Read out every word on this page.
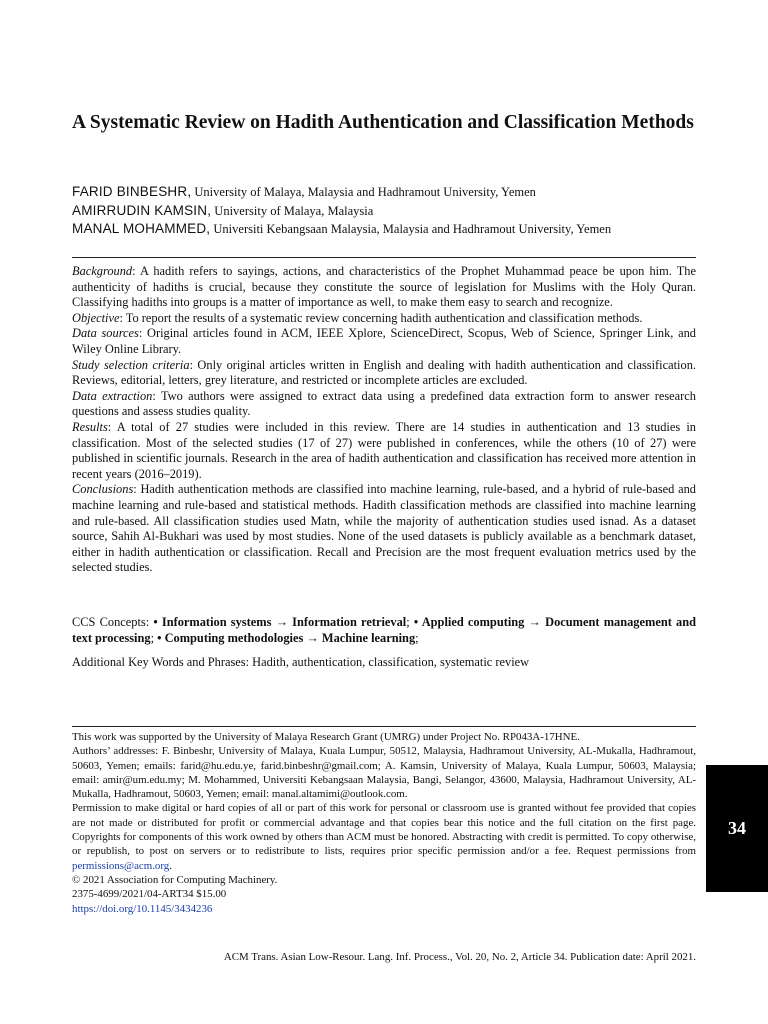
A Systematic Review on Hadith Authentication and Classification Methods
FARID BINBESHR, University of Malaya, Malaysia and Hadhramout University, Yemen
AMIRRUDIN KAMSIN, University of Malaya, Malaysia
MANAL MOHAMMED, Universiti Kebangsaan Malaysia, Malaysia and Hadhramout University, Yemen

Background: A hadith refers to sayings, actions, and characteristics of the Prophet Muhammad peace be upon him. The authenticity of hadiths is crucial, because they constitute the source of legislation for Muslims with the Holy Quran. Classifying hadiths into groups is a matter of importance as well, to make them easy to search and recognize.

Objective: To report the results of a systematic review concerning hadith authentication and classification methods.

Data sources: Original articles found in ACM, IEEE Xplore, ScienceDirect, Scopus, Web of Science, Springer Link, and Wiley Online Library.

Study selection criteria: Only original articles written in English and dealing with hadith authentication and classification. Reviews, editorial, letters, grey literature, and restricted or incomplete articles are excluded.

Data extraction: Two authors were assigned to extract data using a predefined data extraction form to answer research questions and assess studies quality.

Results: A total of 27 studies were included in this review. There are 14 studies in authentication and 13 studies in classification. Most of the selected studies (17 of 27) were published in conferences, while the others (10 of 27) were published in scientific journals. Research in the area of hadith authentication and classification has received more attention in recent years (2016–2019).

Conclusions: Hadith authentication methods are classified into machine learning, rule-based, and a hybrid of rule-based and machine learning and rule-based and statistical methods. Hadith classification methods are classified into machine learning and rule-based. All classification studies used Matn, while the majority of authentication studies used isnad. As a dataset source, Sahih Al-Bukhari was used by most studies. None of the used datasets is publicly available as a benchmark dataset, either in hadith authentication or classification. Recall and Precision are the most frequent evaluation metrics used by the selected studies.

CCS Concepts: • Information systems → Information retrieval; • Applied computing → Document management and text processing; • Computing methodologies → Machine learning;
Additional Key Words and Phrases: Hadith, authentication, classification, systematic review

This work was supported by the University of Malaya Research Grant (UMRG) under Project No. RP043A-17HNE.

Authors’ addresses: F. Binbeshr, University of Malaya, Kuala Lumpur, 50512, Malaysia, Hadhramout University, AL-Mukalla, Hadhramout, 50603, Yemen; emails: farid@hu.edu.ye, farid.binbeshr@gmail.com; A. Kamsin, University of Malaya, Kuala Lumpur, 50603, Malaysia; email: amir@um.edu.my; M. Mohammed, Universiti Kebangsaan Malaysia, Bangi, Selangor, 43600, Malaysia, Hadhramout University, AL-Mukalla, Hadhramout, 50603, Yemen; email: manal.altamimi@outlook.com.

Permission to make digital or hard copies of all or part of this work for personal or classroom use is granted without fee provided that copies are not made or distributed for profit or commercial advantage and that copies bear this notice and the full citation on the first page. Copyrights for components of this work owned by others than ACM must be honored. Abstracting with credit is permitted. To copy otherwise, or republish, to post on servers or to redistribute to lists, requires prior specific permission and/or a fee. Request permissions from permissions@acm.org.

© 2021 Association for Computing Machinery.

2375-4699/2021/04-ART34 $15.00

https://doi.org/10.1145/3434236

ACM Trans. Asian Low-Resour. Lang. Inf. Process., Vol. 20, No. 2, Article 34. Publication date: April 2021.
34
